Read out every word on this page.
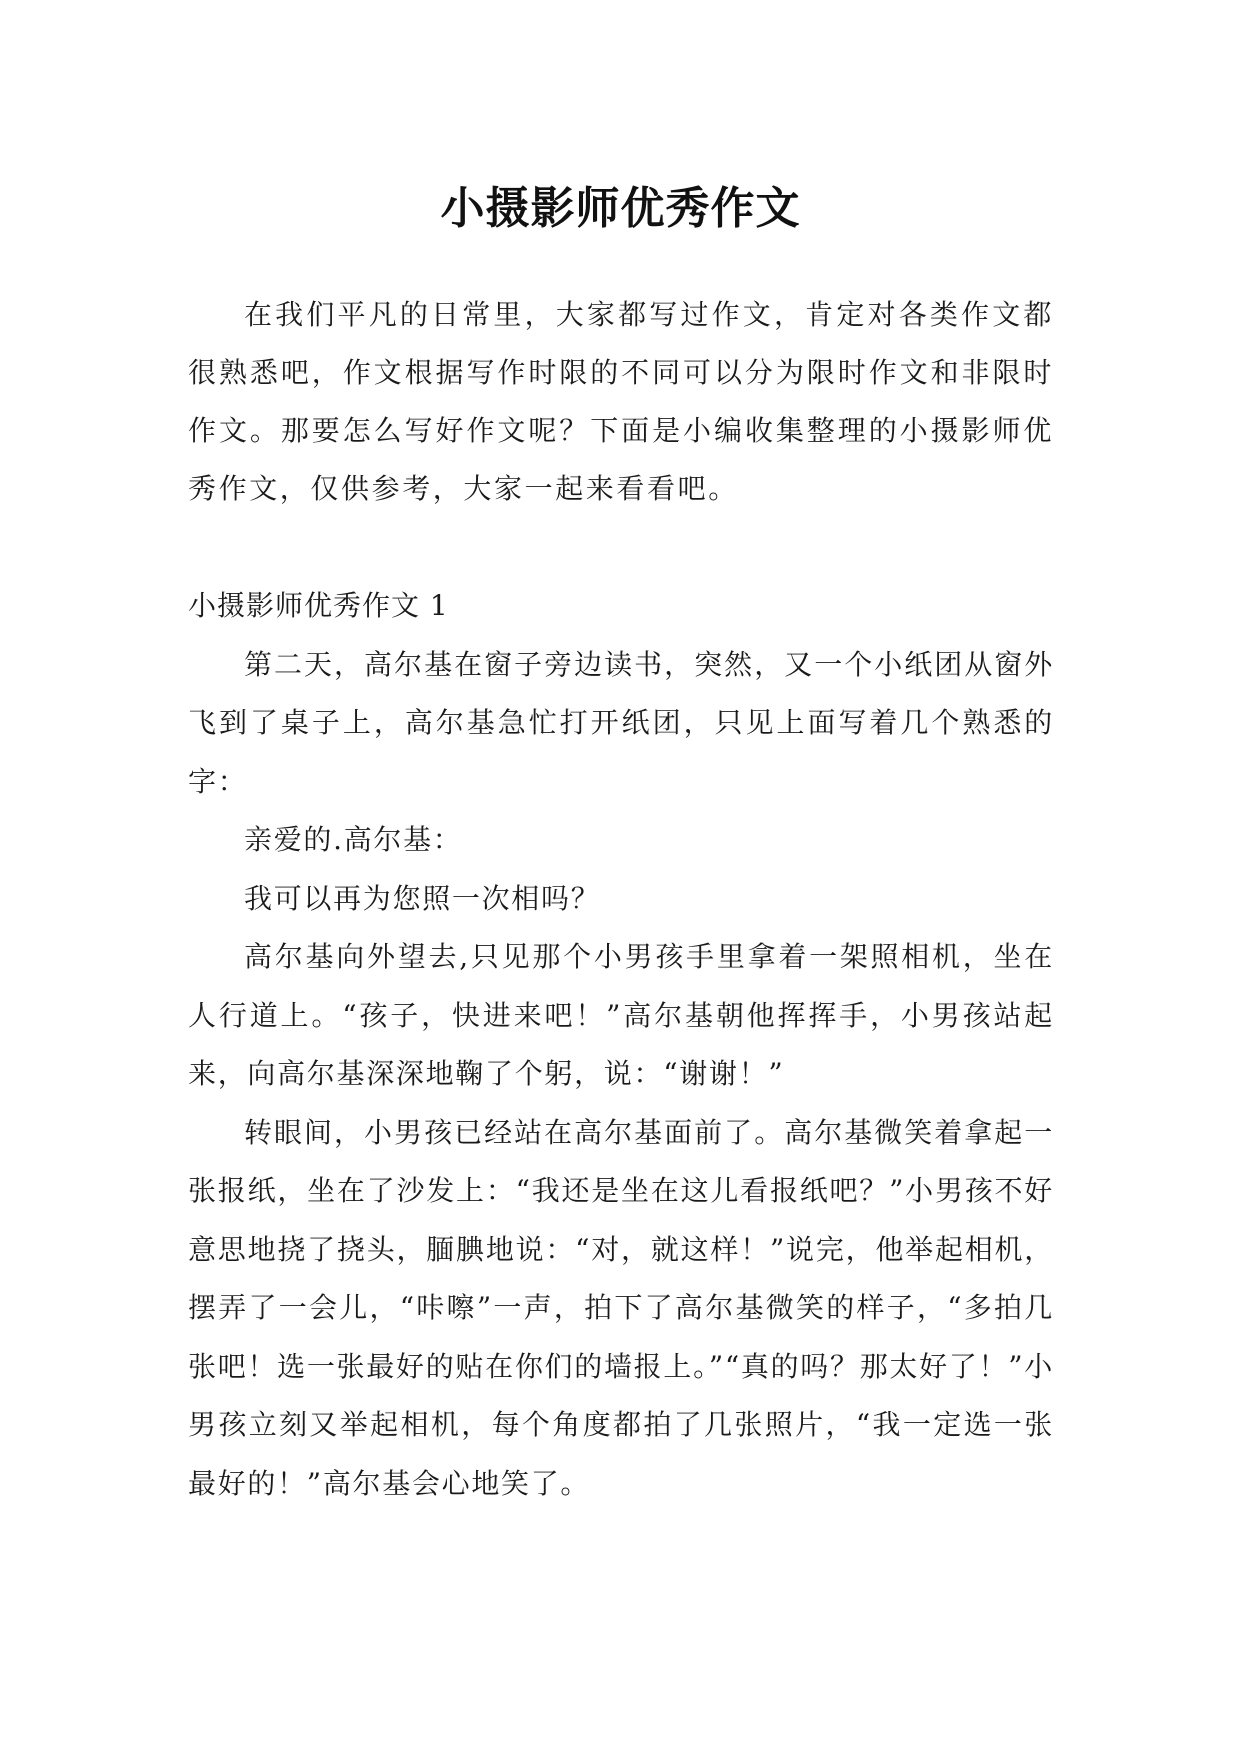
小摄影师优秀作文

在我们平凡的日常里，大家都写过作文，肯定对各类作文都很熟悉吧，作文根据写作时限的不同可以分为限时作文和非限时作文。那要怎么写好作文呢？下面是小编收集整理的小摄影师优秀作文，仅供参考，大家一起来看看吧。

小摄影师优秀作文 1

第二天，高尔基在窗子旁边读书，突然，又一个小纸团从窗外飞到了桌子上，高尔基急忙打开纸团，只见上面写着几个熟悉的字：

亲爱的.高尔基：

我可以再为您照一次相吗？

高尔基向外望去,只见那个小男孩手里拿着一架照相机，坐在人行道上。“孩子，快进来吧！”高尔基朝他挥挥手，小男孩站起来，向高尔基深深地鞠了个躬，说：“谢谢！”

转眼间，小男孩已经站在高尔基面前了。高尔基微笑着拿起一张报纸，坐在了沙发上：“我还是坐在这儿看报纸吧？”小男孩不好意思地挠了挠头，腼腆地说：“对，就这样！”说完，他举起相机，摆弄了一会儿，“咔嚓”一声，拍下了高尔基微笑的样子，“多拍几张吧！选一张最好的贴在你们的墙报上。”“真的吗？那太好了！”小男孩立刻又举起相机，每个角度都拍了几张照片，“我一定选一张最好的！”高尔基会心地笑了。
